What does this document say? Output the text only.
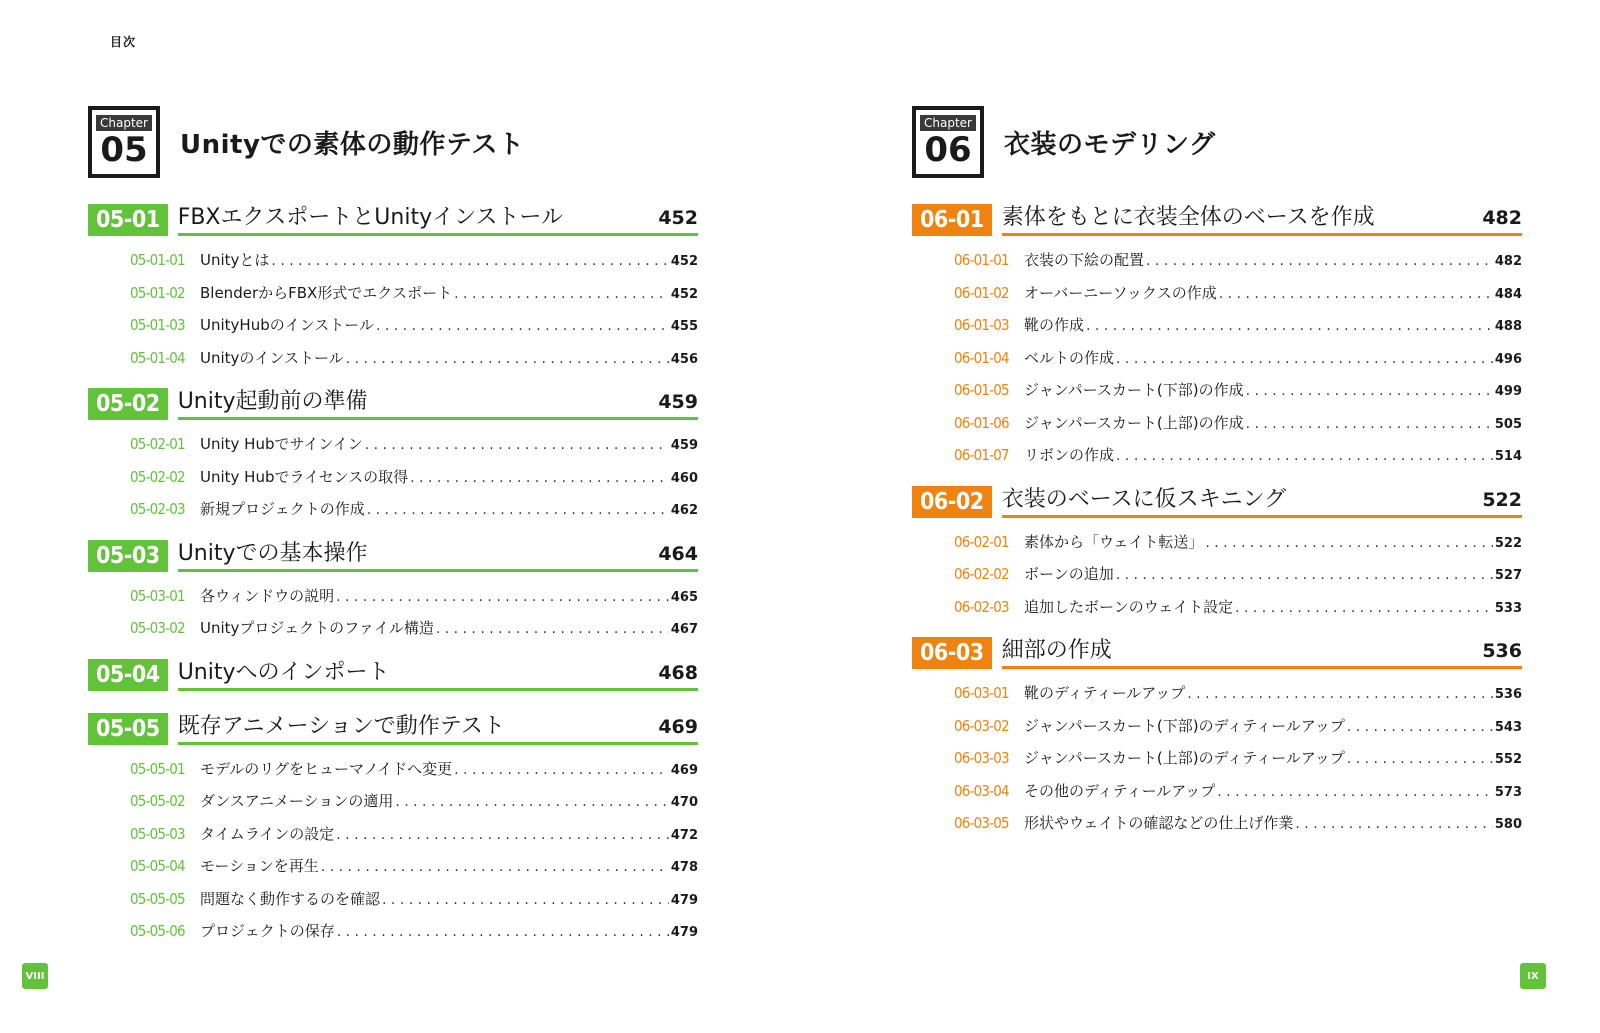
目次
Chapter
05 Unityでの素体の動作テスト
05-01 FBXエクスポートとUnityインストール	452
05-01-01	Unityとは . . .	452
05-01-02	BlenderからFBX形式でエクスポート . . .	452
05-01-03	UnityHubのインストール . . .	455
05-01-04	Unityのインストール . . .	456
05-02 Unity起動前の準備	459
05-02-01	Unity Hubでサインイン . . .	459
05-02-02	Unity Hubでライセンスの取得 . . .	460
05-02-03	新規プロジェクトの作成 . . .	462
05-03 Unityでの基本操作	464
05-03-01	各ウィンドウの説明 . . .	465
05-03-02	Unityプロジェクトのファイル構造 . . .	467
05-04 Unityへのインポート	468
05-05 既存アニメーションで動作テスト	469
05-05-01	モデルのリグをヒューマノイドへ変更 . . .	469
05-05-02	ダンスアニメーションの適用 . . .	470
05-05-03	タイムラインの設定 . . .	472
05-05-04	モーションを再生 . . .	478
05-05-05	問題なく動作するのを確認 . . .	479
05-05-06	プロジェクトの保存 . . .	479
Chapter
06 衣装のモデリング
06-01 素体をもとに衣装全体のベースを作成	482
06-01-01	衣装の下絵の配置 . . .	482
06-01-02	オーバーニーソックスの作成 . . .	484
06-01-03	靴の作成 . . .	488
06-01-04	ベルトの作成 . . .	496
06-01-05	ジャンパースカート(下部)の作成 . . .	499
06-01-06	ジャンパースカート(上部)の作成 . . .	505
06-01-07	リボンの作成 . . .	514
06-02 衣装のベースに仮スキニング	522
06-02-01	素体から「ウェイト転送」 . . .	522
06-02-02	ボーンの追加 . . .	527
06-02-03	追加したボーンのウェイト設定 . . .	533
06-03 細部の作成	536
06-03-01	靴のディティールアップ . . .	536
06-03-02	ジャンパースカート(下部)のディティールアップ . . .	543
06-03-03	ジャンパースカート(上部)のディティールアップ . . .	552
06-03-04	その他のディティールアップ . . .	573
06-03-05	形状やウェイトの確認などの仕上げ作業 . . .	580
VIII	IX
